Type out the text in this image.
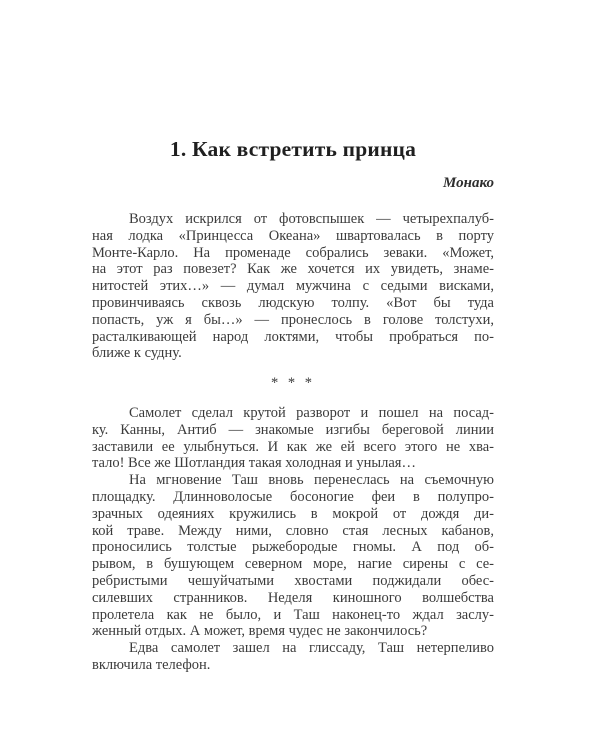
1. Как встретить принца
Монако
Воздух искрился от фотовспышек — четырехпалуб-
ная лодка «Принцесса Океана» швартовалась в порту
Монте-Карло. На променаде собрались зеваки. «Может,
на этот раз повезет? Как же хочется их увидеть, знаме-
нитостей этих…» — думал мужчина с седыми висками,
провинчиваясь сквозь людскую толпу. «Вот бы туда
попасть, уж я бы…» — пронеслось в голове толстухи,
расталкивающей народ локтями, чтобы пробраться по-
ближе к судну.
* * *
Самолет сделал крутой разворот и пошел на посад-
ку. Канны, Антиб — знакомые изгибы береговой линии
заставили ее улыбнуться. И как же ей всего этого не хва-
тало! Все же Шотландия такая холодная и унылая…
На мгновение Таш вновь перенеслась на съемочную
площадку. Длинноволосые босоногие феи в полупро-
зрачных одеяниях кружились в мокрой от дождя ди-
кой траве. Между ними, словно стая лесных кабанов,
проносились толстые рыжебородые гномы. А под об-
рывом, в бушующем северном море, нагие сирены с се-
ребристыми чешуйчатыми хвостами поджидали обес-
силевших странников. Неделя киношного волшебства
пролетела как не было, и Таш наконец-то ждал заслу-
женный отдых. А может, время чудес не закончилось?
Едва самолет зашел на глиссаду, Таш нетерпеливо
включила телефон.
